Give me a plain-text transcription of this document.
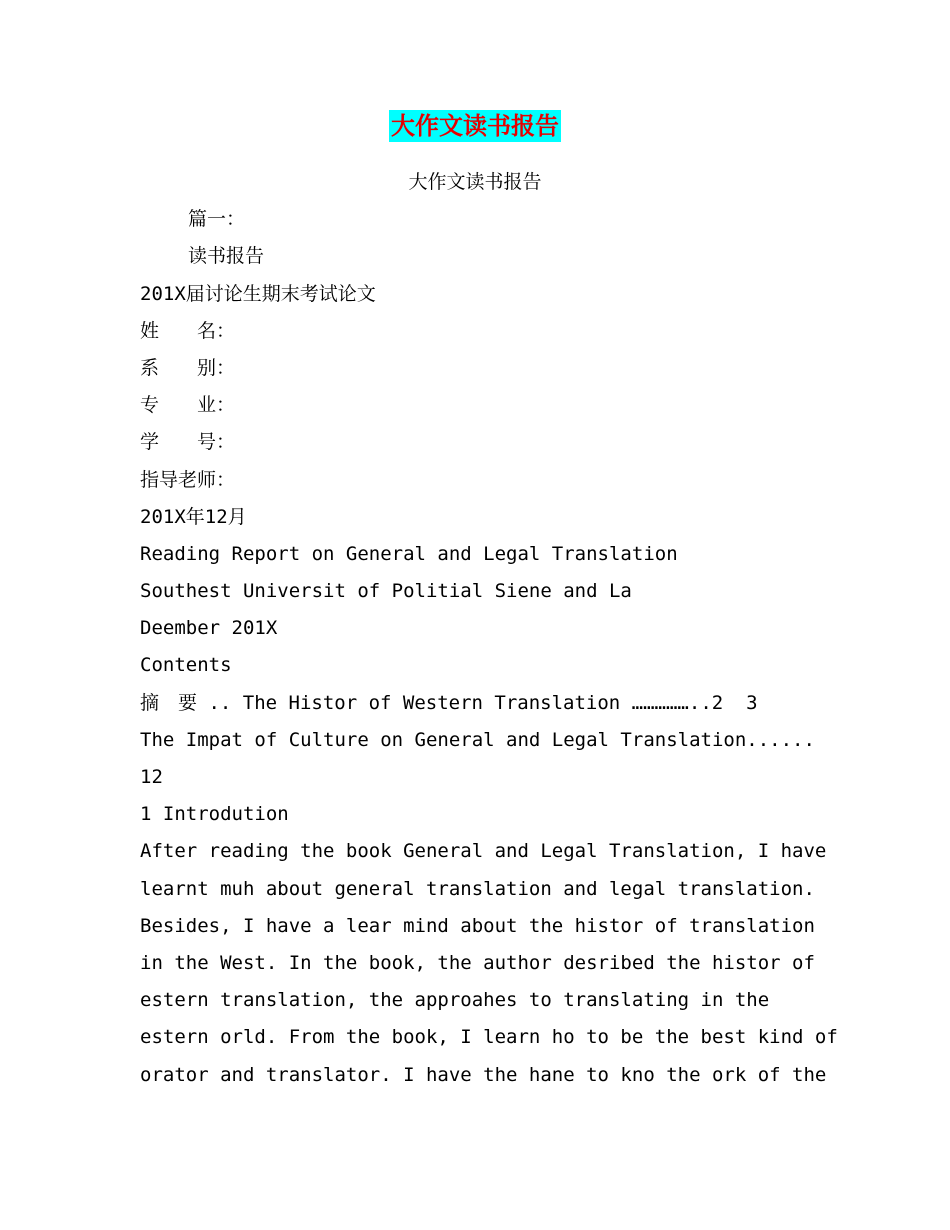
大作文读书报告
大作文读书报告
篇一：
读书报告
201X届讨论生期末考试论文
姓　　名：
系　　别：
专　　业：
学　　号：
指导老师：
201X年12月
Reading Report on General and Legal Translation
Southest Universit of Politial Siene and La
Deember 201X
Contents
摘　要 .. The Histor of Western Translation ……………..2  3
The Impat of Culture on General and Legal Translation......
12
1 Introdution
After reading the book General and Legal Translation, I have
learnt muh about general translation and legal translation.
Besides, I have a lear mind about the histor of translation
in the West. In the book, the author desribed the histor of
estern translation, the approahes to translating in the
estern orld. From the book, I learn ho to be the best kind of
orator and translator. I have the hane to kno the ork of the
